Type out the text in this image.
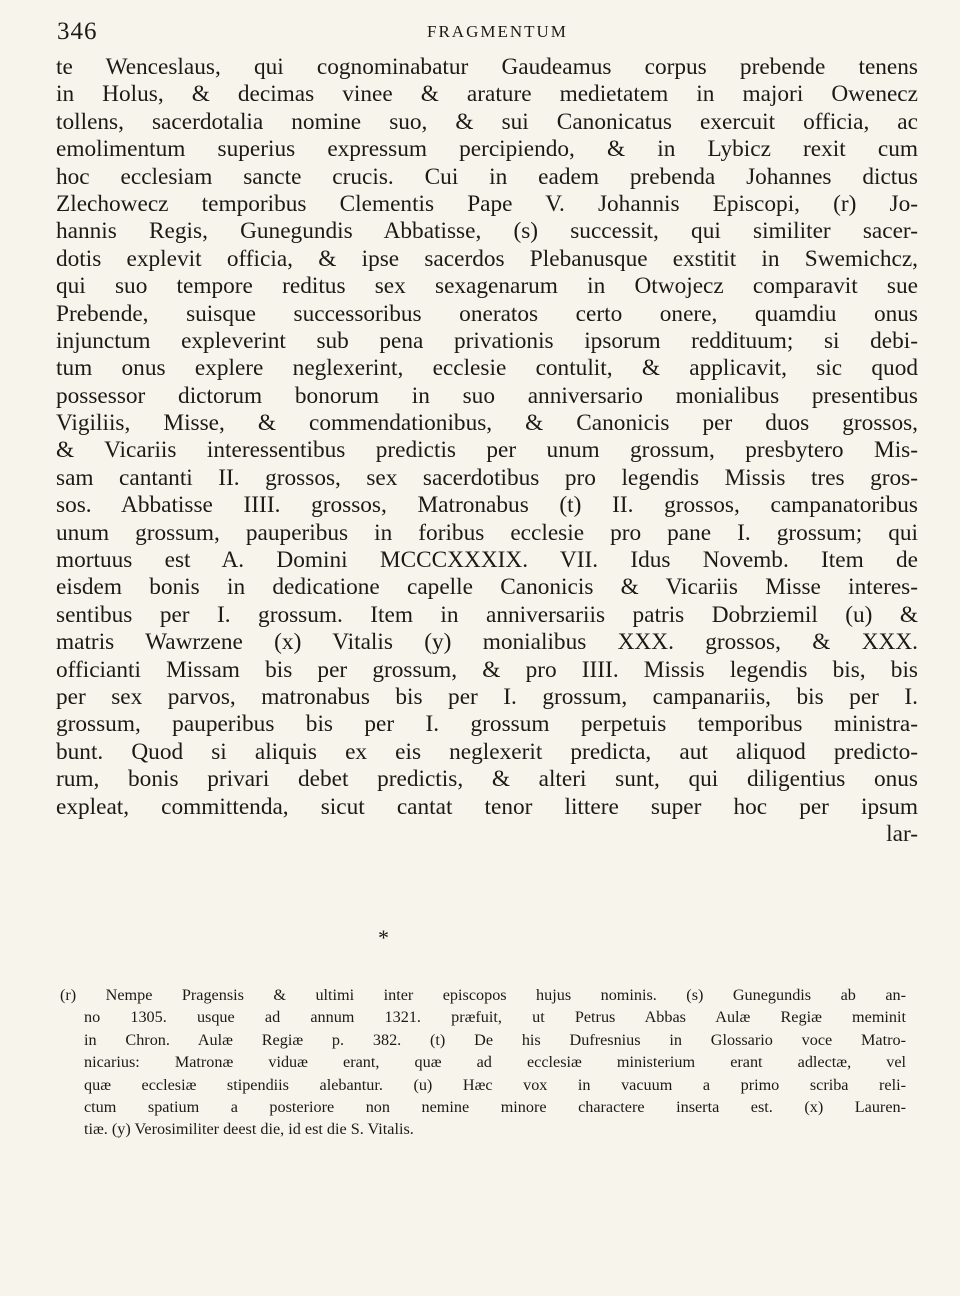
346	FRAGMENTUM
te Wenceslaus, qui cognominabatur Gaudeamus corpus prebende tenens
in Holus, & decimas vinee & arature medietatem in majori Owenecz
tollens, sacerdotalia nomine suo, & sui Canonicatus exercuit officia, ac
emolimentum superius expressum percipiendo, & in Lybicz rexit cum
hoc ecclesiam sancte crucis. Cui in eadem prebenda Johannes dictus
Zlechowecz temporibus Clementis Pape V. Johannis Episcopi, (r) Jo-
hannis Regis, Gunegundis Abbatisse, (s) successit, qui similiter sacer-
dotis explevit officia, & ipse sacerdos Plebanusque exstitit in Swemichcz,
qui suo tempore reditus sex sexagenarum in Otwojecz comparavit sue
Prebende, suisque successoribus oneratos certo onere, quamdiu onus
injunctum expleverint sub pena privationis ipsorum reddituum; si debi-
tum onus explere neglexerint, ecclesie contulit, & applicavit, sic quod
possessor dictorum bonorum in suo anniversario monialibus presentibus
Vigiliis, Misse, & commendationibus, & Canonicis per duos grossos,
& Vicariis interessentibus predictis per unum grossum, presbytero Mis-
sam cantanti II. grossos, sex sacerdotibus pro legendis Missis tres gros-
sos. Abbatisse IIII. grossos, Matronabus (t) II. grossos, campanatoribus
unum grossum, pauperibus in foribus ecclesie pro pane I. grossum; qui
mortuus est A. Domini MCCCXXXIX. VII. Idus Novemb. Item de
eisdem bonis in dedicatione capelle Canonicis & Vicariis Misse interes-
sentibus per I. grossum. Item in anniversariis patris Dobrziemil (u) &
matris Wawrzene (x) Vitalis (y) monialibus XXX. grossos, & XXX.
officianti Missam bis per grossum, & pro IIII. Missis legendis bis, bis
per sex parvos, matronabus bis per I. grossum, campanariis, bis per I.
grossum, pauperibus bis per I. grossum perpetuis temporibus ministra-
bunt. Quod si aliquis ex eis neglexerit predicta, aut aliquod predicto-
rum, bonis privari debet predictis, & alteri sunt, qui diligentius onus
expleat, committenda, sicut cantat tenor littere super hoc per ipsum
lar-
*
(r) Nempe Pragensis & ultimi inter episcopos hujus nominis. (s) Gunegundis ab an-
no 1305. usque ad annum 1321. præfuit, ut Petrus Abbas Aulæ Regiæ meminit
in Chron. Aulæ Regiæ p. 382. (t) De his Dufresnius in Glossario voce Matro-
nicarius: Matronæ viduæ erant, quæ ad ecclesiæ ministerium erant adlectæ, vel
quæ ecclesiæ stipendiis alebantur. (u) Hæc vox in vacuum a primo scriba reli-
ctum spatium a posteriore non nemine minore charactere inserta est. (x) Lauren-
tiæ. (y) Verosimiliter deest die, id est die S. Vitalis.
